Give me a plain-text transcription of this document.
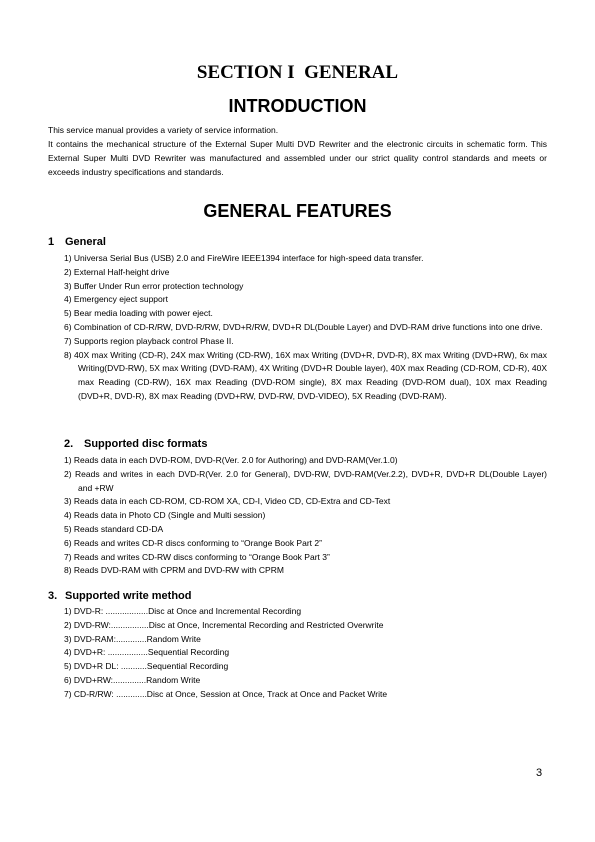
SECTION I  GENERAL
INTRODUCTION

This service manual provides a variety of service information.

It contains the mechanical structure of the External Super Multi DVD Rewriter and the electronic circuits in schematic form. This External Super Multi DVD Rewriter was manufactured and assembled under our strict quality control standards and meets or exceeds industry specifications and standards.

GENERAL FEATURES
1 General
1) Universa Serial Bus (USB) 2.0 and FireWire IEEE1394 interface for high-speed data transfer.
2) External Half-height drive
3) Buffer Under Run error protection technology
4) Emergency eject support
5) Bear media loading with power eject.
6) Combination of CD-R/RW, DVD-R/RW, DVD+R/RW, DVD+R DL(Double Layer) and DVD-RAM drive functions into one drive.
7) Supports region playback control Phase II.
8) 40X max Writing (CD-R), 24X max Writing (CD-RW), 16X max Writing (DVD+R, DVD-R), 8X max Writing (DVD+RW), 6x max Writing(DVD-RW), 5X max Writing (DVD-RAM), 4X Writing (DVD+R Double layer), 40X max Reading (CD-ROM, CD-R), 40X max Reading (CD-RW), 16X max Reading (DVD-ROM single), 8X max Reading (DVD-ROM dual), 10X max Reading (DVD+R, DVD-R), 8X max Reading (DVD+RW, DVD-RW, DVD-VIDEO), 5X Reading (DVD-RAM).
2. Supported disc formats
1) Reads data in each DVD-ROM, DVD-R(Ver. 2.0 for Authoring) and DVD-RAM(Ver.1.0)
2) Reads and writes in each DVD-R(Ver. 2.0 for General), DVD-RW, DVD-RAM(Ver.2.2), DVD+R, DVD+R DL(Double Layer) and +RW
3) Reads data in each CD-ROM, CD-ROM XA, CD-I, Video CD, CD-Extra and CD-Text
4) Reads data in Photo CD (Single and Multi session)
5) Reads standard CD-DA
6) Reads and writes CD-R discs conforming to “Orange Book Part 2”
7) Reads and writes CD-RW discs conforming to “Orange Book Part 3”
8) Reads DVD-RAM with CPRM and DVD-RW with CPRM
3. Supported write method
1) DVD-R: ..................Disc at Once and Incremental Recording
2) DVD-RW:................Disc at Once, Incremental Recording and Restricted Overwrite
3) DVD-RAM:.............Random Write
4) DVD+R: .................Sequential Recording
5) DVD+R DL: ...........Sequential Recording
6) DVD+RW:..............Random Write
7) CD-R/RW: .............Disc at Once, Session at Once, Track at Once and Packet Write
3
